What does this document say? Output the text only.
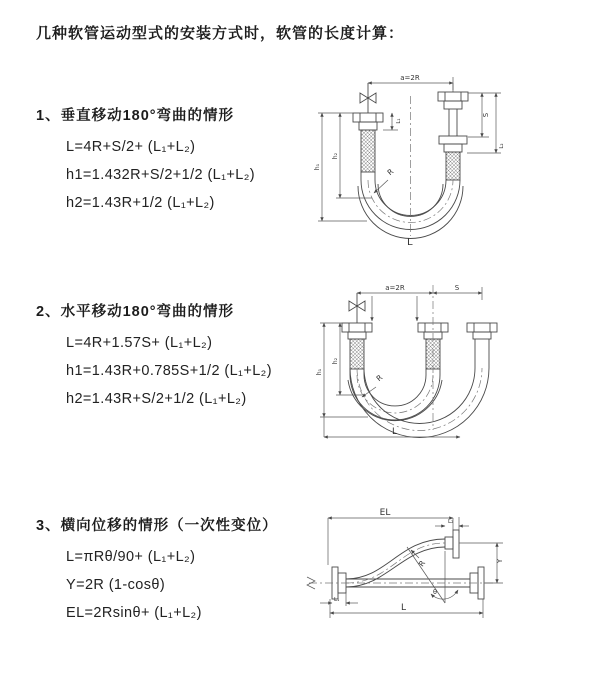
几种软管运动型式的安装方式时，软管的长度计算：
1、垂直移动180°弯曲的情形
L=4R+S/2+ (L₁+L₂)
h1=1.432R+S/2+1/2 (L₁+L₂)
h2=1.43R+1/2 (L₁+L₂)
2、水平移动180°弯曲的情形
L=4R+1.57S+ (L₁+L₂)
h1=1.43R+0.785S+1/2 (L₁+L₂)
h2=1.43R+S/2+1/2 (L₁+L₂)
3、横向位移的情形（一次性变位）
L=πRθ/90+ (L₁+L₂)
Y=2R (1-cosθ)
EL=2Rsinθ+ (L₁+L₂)
a=2R
S
L₂
L₁
h₁
h₂
R
L
a=2R	S
h₁
h₂
R
L
EL
L₂
θ
R	Y
L₁
L
